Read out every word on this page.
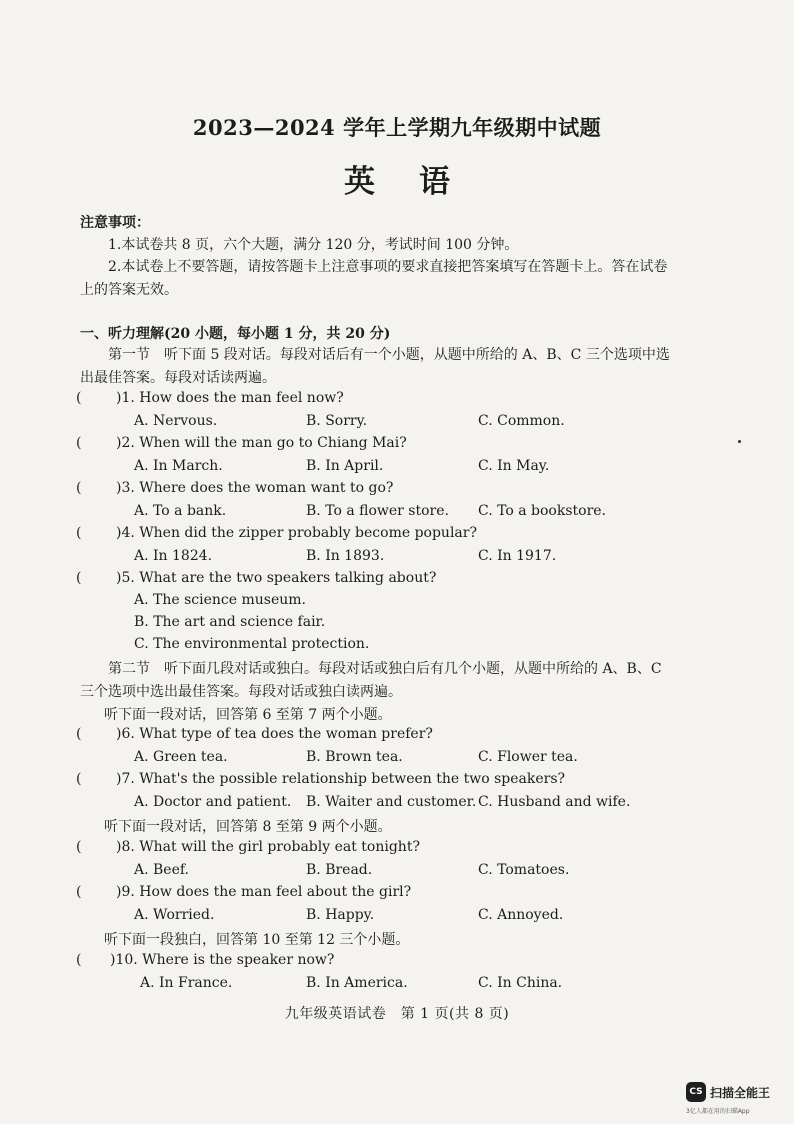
2023—2024 学年上学期九年级期中试题
英语
注意事项：
1.本试卷共 8 页，六个大题，满分 120 分，考试时间 100 分钟。
2.本试卷上不要答题，请按答题卡上注意事项的要求直接把答案填写在答题卡上。答在试卷上的答案无效。
一、听力理解(20 小题，每小题 1 分，共 20 分)
第一节　听下面 5 段对话。每段对话后有一个小题，从题中所给的 A、B、C 三个选项中选出最佳答案。每段对话读两遍。
( )1. How does the man feel now?
A. Nervous.	B. Sorry.	C. Common.
( )2. When will the man go to Chiang Mai?
A. In March.	B. In April.	C. In May.
( )3. Where does the woman want to go?
A. To a bank.	B. To a flower store. C. To a bookstore.
( )4. When did the zipper probably become popular?
A. In 1824.	B. In 1893.	C. In 1917.
( )5. What are the two speakers talking about?
A. The science museum.
B. The art and science fair.
C. The environmental protection.
第二节　听下面几段对话或独白。每段对话或独白后有几个小题，从题中所给的 A、B、C 三个选项中选出最佳答案。每段对话或独白读两遍。
听下面一段对话，回答第 6 至第 7 两个小题。
( )6. What type of tea does the woman prefer?
A. Green tea.	B. Brown tea.	C. Flower tea.
( )7. What's the possible relationship between the two speakers?
A. Doctor and patient. B. Waiter and customer. C. Husband and wife.
听下面一段对话，回答第 8 至第 9 两个小题。
( )8. What will the girl probably eat tonight?
A. Beef.	B. Bread.	C. Tomatoes.
( )9. How does the man feel about the girl?
A. Worried.	B. Happy.	C. Annoyed.
听下面一段独白，回答第 10 至第 12 三个小题。
( )10. Where is the speaker now?
A. In France.	B. In America.	C. In China.
九年级英语试卷　第 1 页(共 8 页)
CS 扫描全能王
3亿人都在用的扫描App
